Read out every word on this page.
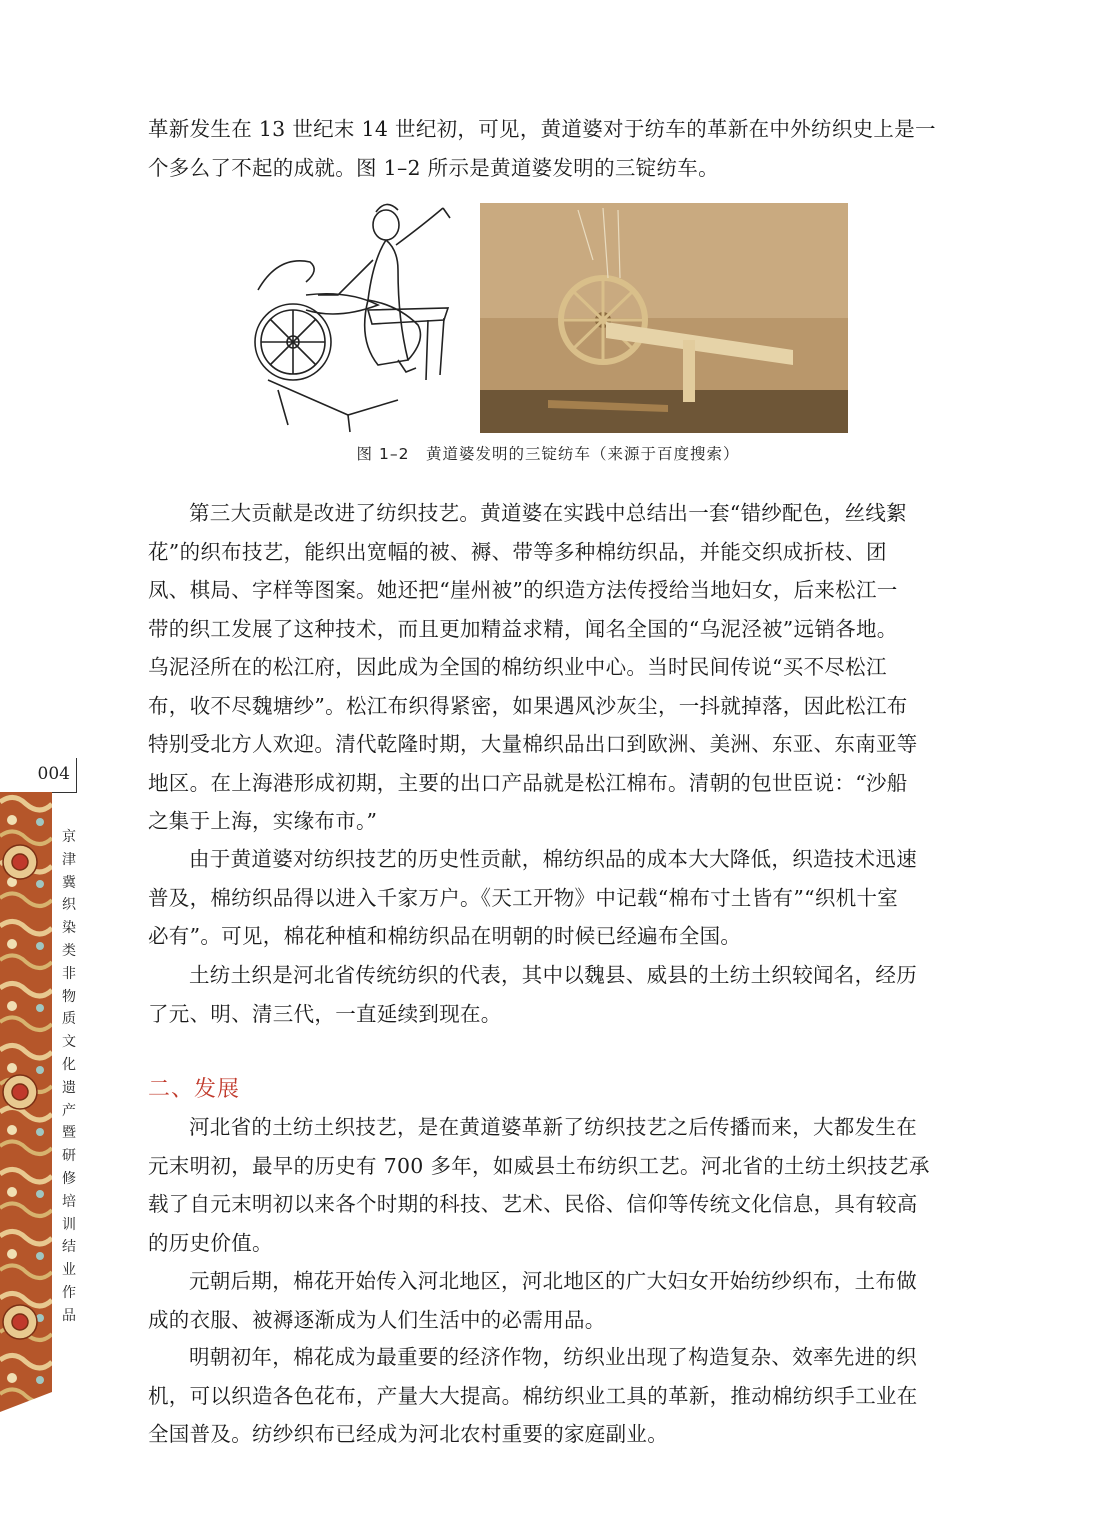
革新发生在 13 世纪末 14 世纪初，可见，黄道婆对于纺车的革新在中外纺织史上是一
个多么了不起的成就。图 1–2 所示是黄道婆发明的三锭纺车。

图 1–2　黄道婆发明的三锭纺车（来源于百度搜索）

第三大贡献是改进了纺织技艺。黄道婆在实践中总结出一套“错纱配色，丝线絮
花”的织布技艺，能织出宽幅的被、褥、带等多种棉纺织品，并能交织成折枝、团
凤、棋局、字样等图案。她还把“崖州被”的织造方法传授给当地妇女，后来松江一
带的织工发展了这种技术，而且更加精益求精，闻名全国的“乌泥泾被”远销各地。
乌泥泾所在的松江府，因此成为全国的棉纺织业中心。当时民间传说“买不尽松江
布，收不尽魏塘纱”。松江布织得紧密，如果遇风沙灰尘，一抖就掉落，因此松江布
特别受北方人欢迎。清代乾隆时期，大量棉织品出口到欧洲、美洲、东亚、东南亚等
地区。在上海港形成初期，主要的出口产品就是松江棉布。清朝的包世臣说：“沙船
之集于上海，实缘布市。”

由于黄道婆对纺织技艺的历史性贡献，棉纺织品的成本大大降低，织造技术迅速
普及，棉纺织品得以进入千家万户。《天工开物》中记载“棉布寸土皆有”“织机十室
必有”。可见，棉花种植和棉纺织品在明朝的时候已经遍布全国。

土纺土织是河北省传统纺织的代表，其中以魏县、威县的土纺土织较闻名，经历
了元、明、清三代，一直延续到现在。

二、发展

河北省的土纺土织技艺，是在黄道婆革新了纺织技艺之后传播而来，大都发生在
元末明初，最早的历史有 700 多年，如威县土布纺织工艺。河北省的土纺土织技艺承
载了自元末明初以来各个时期的科技、艺术、民俗、信仰等传统文化信息，具有较高
的历史价值。

元朝后期，棉花开始传入河北地区，河北地区的广大妇女开始纺纱织布，土布做
成的衣服、被褥逐渐成为人们生活中的必需用品。

明朝初年，棉花成为最重要的经济作物，纺织业出现了构造复杂、效率先进的织
机，可以织造各色花布，产量大大提高。棉纺织业工具的革新，推动棉纺织手工业在
全国普及。纺纱织布已经成为河北农村重要的家庭副业。

004
京
津
冀
织
染
类
非
物
质
文
化
遗
产
暨
研
修
培
训
结
业
作
品
